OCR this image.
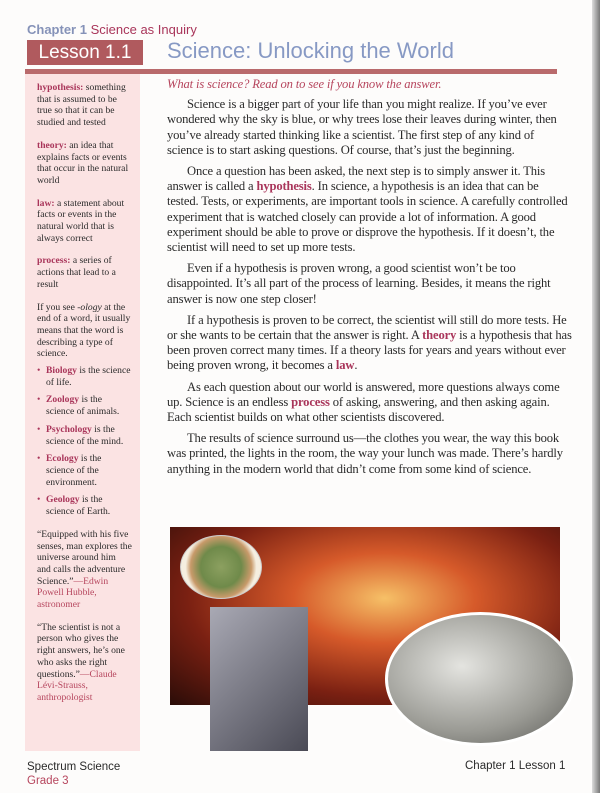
Chapter 1 Science as Inquiry
Lesson 1.1	Science: Unlocking the World

hypothesis: something that is assumed to be true so that it can be studied and tested

theory: an idea that explains facts or events that occur in the natural world

law: a statement about facts or events in the natural world that is always correct

process: a series of actions that lead to a result

If you see -ology at the end of a word, it usually means that the word is describing a type of science.

• Biology is the science of life.
• Zoology is the science of animals.
• Psychology is the science of the mind.
• Ecology is the science of the environment.
• Geology is the science of Earth.

“Equipped with his five senses, man explores the universe around him and calls the adventure Science.”—Edwin Powell Hubble, astronomer

“The scientist is not a person who gives the right answers, he’s one who asks the right questions.”—Claude Lévi-Strauss, anthropologist

What is science? Read on to see if you know the answer.

Science is a bigger part of your life than you might realize. If you’ve ever wondered why the sky is blue, or why trees lose their leaves during winter, then you’ve already started thinking like a scientist. The first step of any kind of science is to start asking questions. Of course, that’s just the beginning.

Once a question has been asked, the next step is to simply answer it. This answer is called a hypothesis. In science, a hypothesis is an idea that can be tested. Tests, or experiments, are important tools in science. A carefully controlled experiment that is watched closely can provide a lot of information. A good experiment should be able to prove or disprove the hypothesis. If it doesn’t, the scientist will need to set up more tests.

Even if a hypothesis is proven wrong, a good scientist won’t be too disappointed. It’s all part of the process of learning. Besides, it means the right answer is now one step closer!

If a hypothesis is proven to be correct, the scientist will still do more tests. He or she wants to be certain that the answer is right. A theory is a hypothesis that has been proven correct many times. If a theory lasts for years and years without ever being proven wrong, it becomes a law.

As each question about our world is answered, more questions always come up. Science is an endless process of asking, answering, and then asking again. Each scientist builds on what other scientists discovered.

The results of science surround us—the clothes you wear, the way this book was printed, the lights in the room, the way your lunch was made. There’s hardly anything in the modern world that didn’t come from some kind of science.

Spectrum Science
Grade 3
Chapter 1 Lesson 1
